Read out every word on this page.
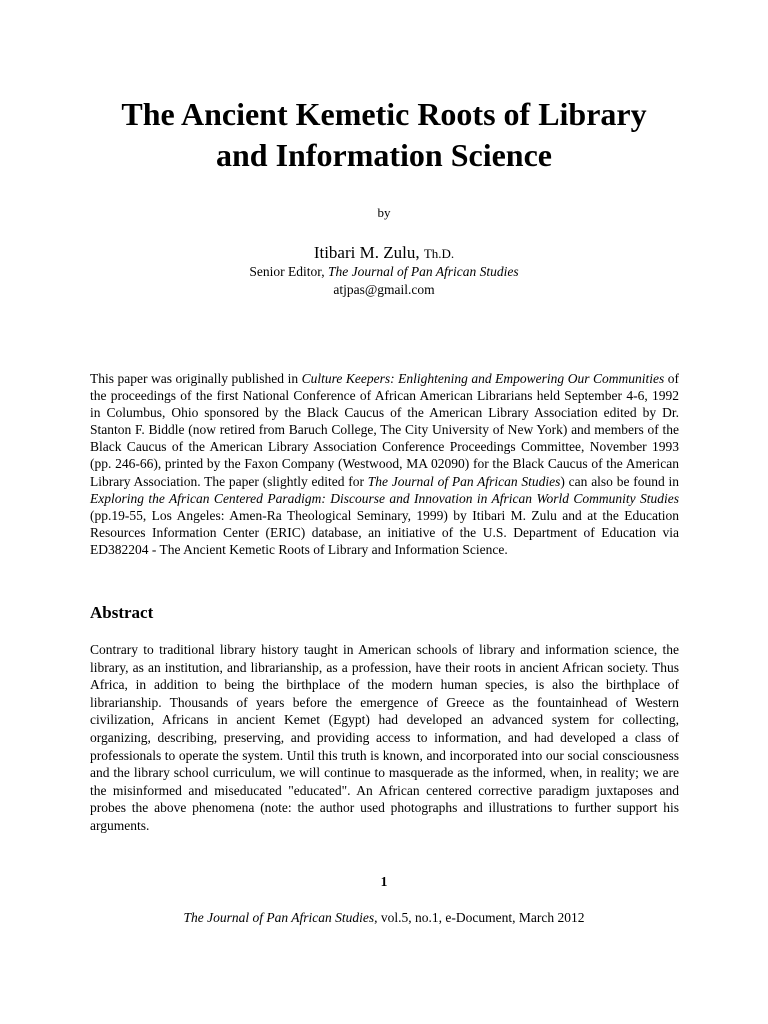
The Ancient Kemetic Roots of Library
and Information Science
by
Itibari M. Zulu, Th.D.
Senior Editor, The Journal of Pan African Studies
atjpas@gmail.com

This paper was originally published in Culture Keepers: Enlightening and Empowering Our Communities of the proceedings of the first National Conference of African American Librarians held September 4-6, 1992 in Columbus, Ohio sponsored by the Black Caucus of the American Library Association edited by Dr. Stanton F. Biddle (now retired from Baruch College, The City University of New York) and members of the Black Caucus of the American Library Association Conference Proceedings Committee, November 1993 (pp. 246-66), printed by the Faxon Company (Westwood, MA 02090) for the Black Caucus of the American Library Association. The paper (slightly edited for The Journal of Pan African Studies) can also be found in Exploring the African Centered Paradigm: Discourse and Innovation in African World Community Studies (pp.19-55, Los Angeles: Amen-Ra Theological Seminary, 1999) by Itibari M. Zulu and at the Education Resources Information Center (ERIC) database, an initiative of the U.S. Department of Education via ED382204 - The Ancient Kemetic Roots of Library and Information Science.

Abstract

Contrary to traditional library history taught in American schools of library and information science, the library, as an institution, and librarianship, as a profession, have their roots in ancient African society. Thus Africa, in addition to being the birthplace of the modern human species, is also the birthplace of librarianship. Thousands of years before the emergence of Greece as the fountainhead of Western civilization, Africans in ancient Kemet (Egypt) had developed an advanced system for collecting, organizing, describing, preserving, and providing access to information, and had developed a class of professionals to operate the system. Until this truth is known, and incorporated into our social consciousness and the library school curriculum, we will continue to masquerade as the informed, when, in reality; we are the misinformed and miseducated "educated". An African centered corrective paradigm juxtaposes and probes the above phenomena (note: the author used photographs and illustrations to further support his arguments.

1
The Journal of Pan African Studies, vol.5, no.1, e-Document, March 2012
